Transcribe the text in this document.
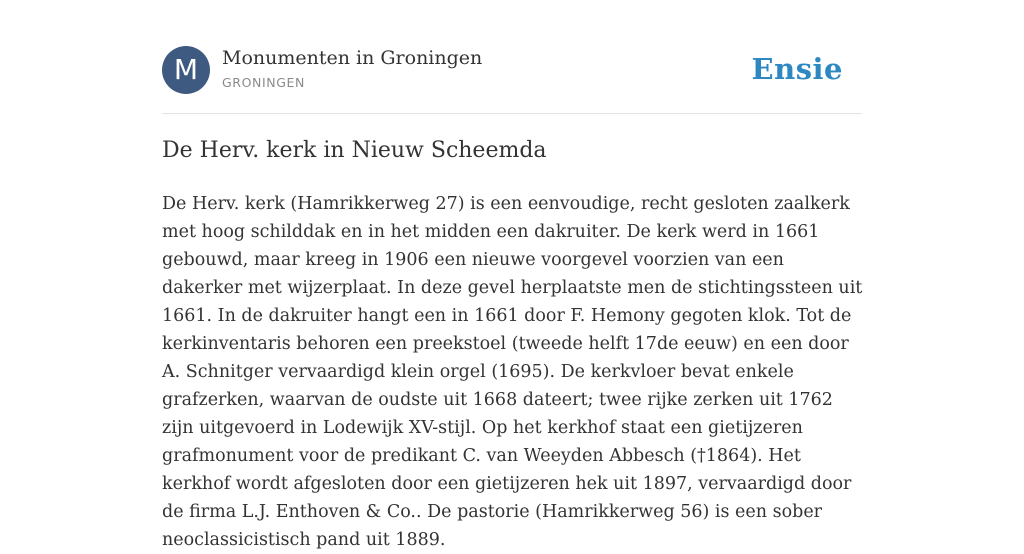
M	Monumenten in Groningen
GRONINGEN	Ensie
De Herv. kerk in Nieuw Scheemda

De Herv. kerk (Hamrikkerweg 27) is een eenvoudige, recht gesloten zaalkerk met hoog schilddak en in het midden een dakruiter. De kerk werd in 1661 gebouwd, maar kreeg in 1906 een nieuwe voorgevel voorzien van een dakerker met wijzerplaat. In deze gevel herplaatste men de stichtingssteen uit 1661. In de dakruiter hangt een in 1661 door F. Hemony gegoten klok. Tot de kerkinventaris behoren een preekstoel (tweede helft 17de eeuw) en een door A. Schnitger vervaardigd klein orgel (1695). De kerkvloer bevat enkele grafzerken, waarvan de oudste uit 1668 dateert; twee rijke zerken uit 1762 zijn uitgevoerd in Lodewijk XV-stijl. Op het kerkhof staat een gietijzeren grafmonument voor de predikant C. van Weeyden Abbesch (†1864). Het kerkhof wordt afgesloten door een gietijzeren hek uit 1897, vervaardigd door de firma L.J. Enthoven & Co.. De pastorie (Hamrikkerweg 56) is een sober neoclassicistisch pand uit 1889.
